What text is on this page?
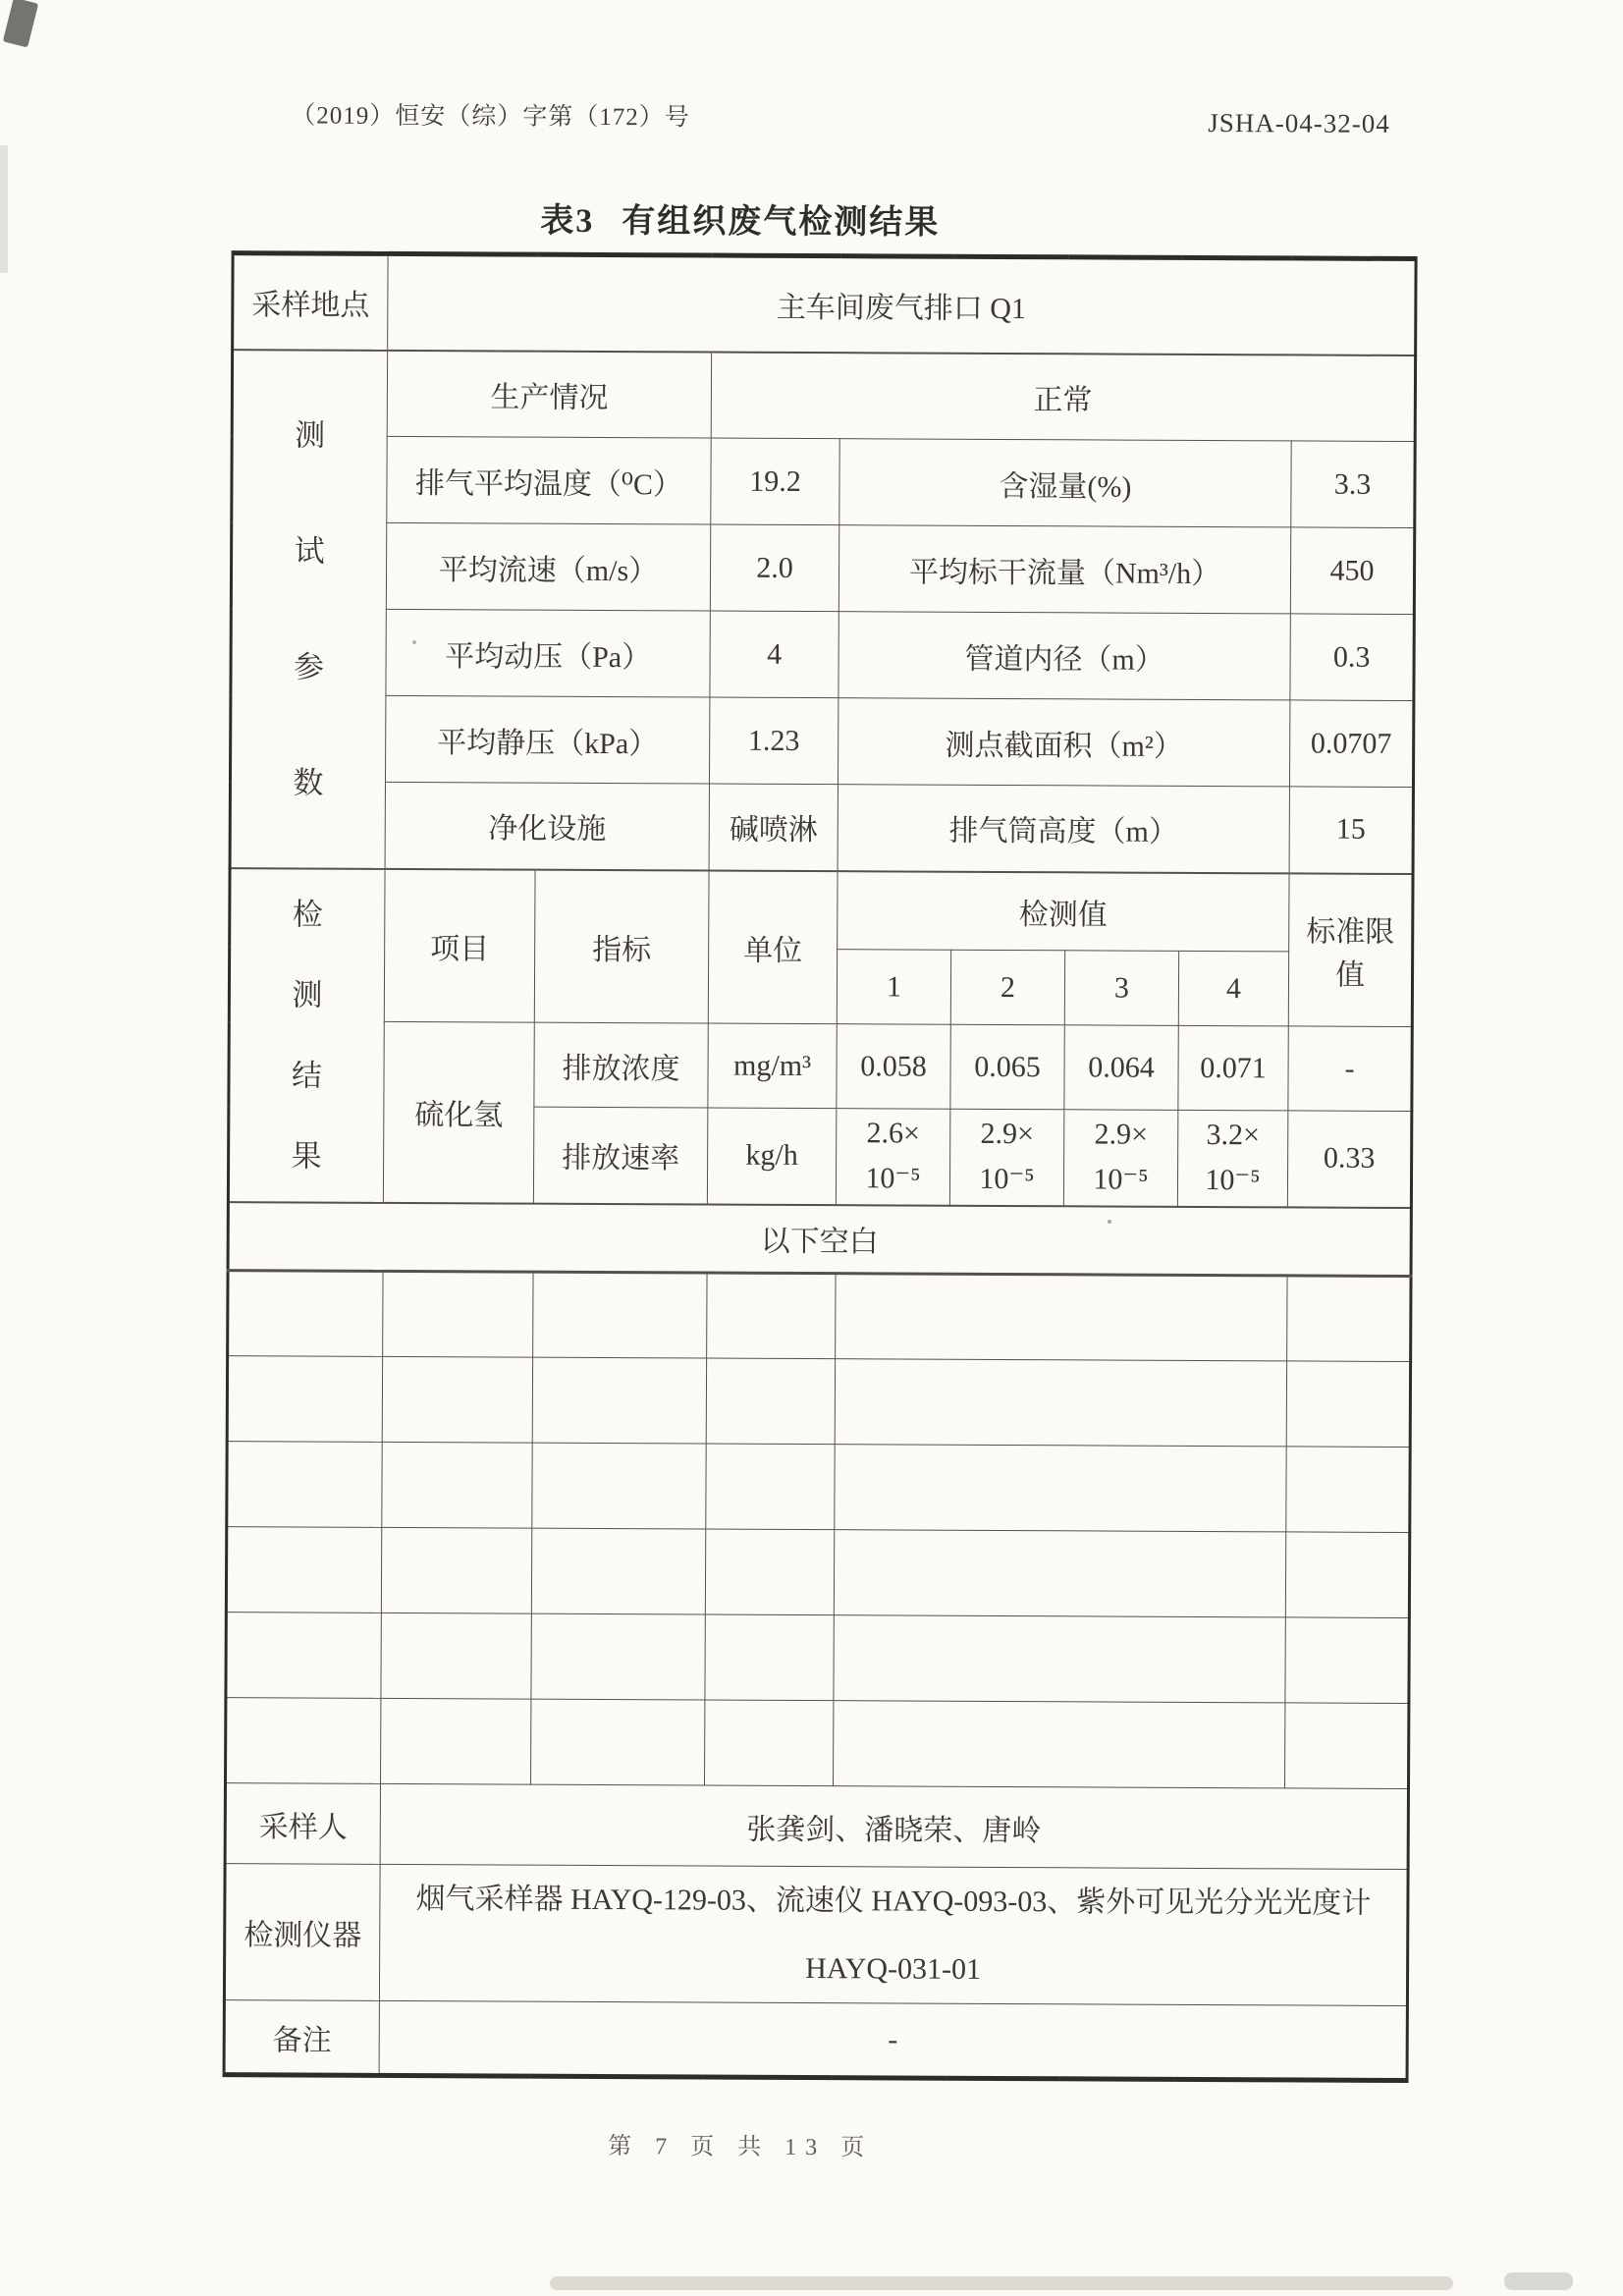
（2019）恒安（综）字第（172）号	JSHA-04-32-04
表3 有组织废气检测结果
采样地点	主车间废气排口 Q1							
测试参数	生产情况		正常					
	排气平均温度（⁰C）		19.2	含湿量(%)				3.3
	平均流速（m/s）		2.0	平均标干流量（Nm³/h）				450
	平均动压（Pa）		4	管道内径（m）				0.3
	平均静压（kPa）		1.23	测点截面积（m²）				0.0707
	净化设施		碱喷淋	排气筒高度（m）				15
检测结果	项目	指标	单位	检测值				标准限值
				1	2	3	4	
	硫化氢	排放浓度	mg/m³	0.058	0.065	0.064	0.071	-
		排放速率	kg/h	2.6×
10⁻⁵	2.9×
10⁻⁵	2.9×
10⁻⁵	3.2×
10⁻⁵	0.33
以下空白								

采样人	张龚剑、潘晓荣、唐岭							
检测仪器	烟气采样器 HAYQ-129-03、流速仪 HAYQ-093-03、紫外可见光分光光度计
HAYQ-031-01							
备注	-							
第 7 页 共 13 页
